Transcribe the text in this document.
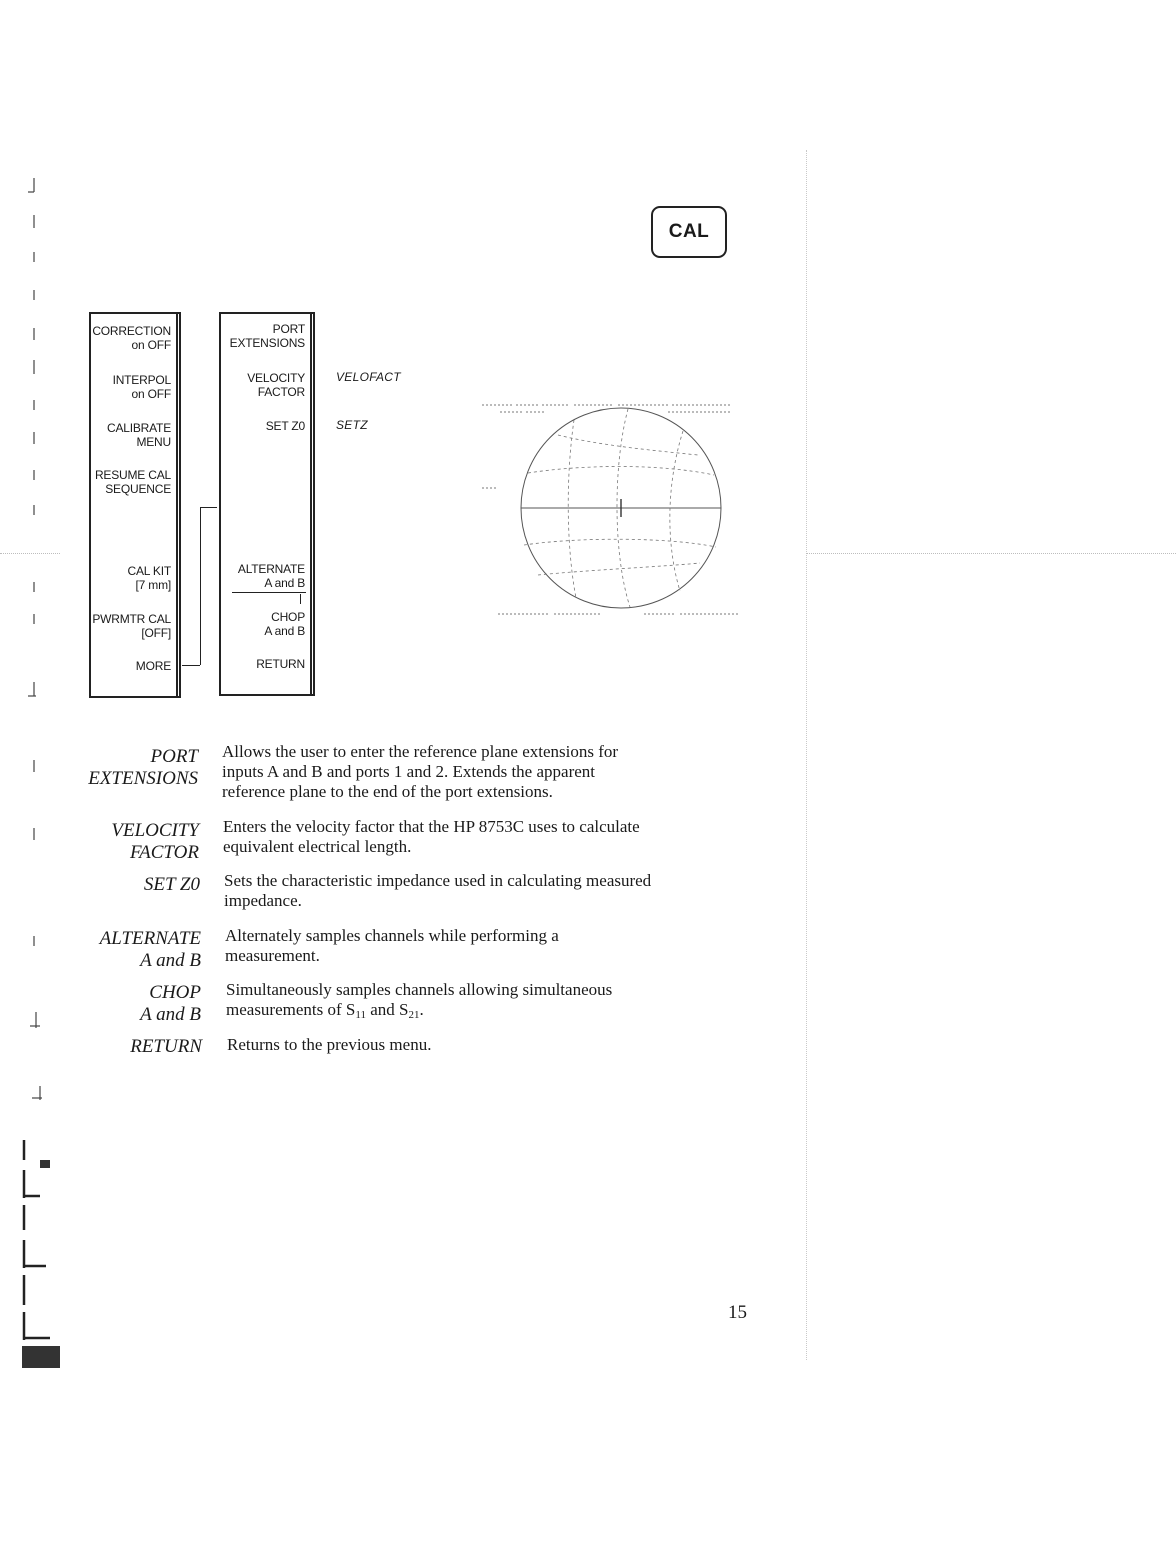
CAL
CORRECTION
on OFF
INTERPOL
on OFF
CALIBRATE
MENU
RESUME CAL
SEQUENCE
CAL KIT
[7 mm]
PWRMTR CAL
[OFF]
MORE
PORT
EXTENSIONS
VELOCITY
FACTOR
SET Z0
ALTERNATE
A and B
CHOP
A and B
RETURN
VELOFACT
SETZ
PORT
EXTENSIONS
Allows the user to enter the reference plane extensions for
inputs A and B and ports 1 and 2. Extends the apparent
reference plane to the end of the port extensions.
VELOCITY
FACTOR
Enters the velocity factor that the HP 8753C uses to calculate
equivalent electrical length.
SET Z0 Sets the characteristic impedance used in calculating measured
impedance.
ALTERNATE
A and B
Alternately samples channels while performing a
measurement.
CHOP
A and B
Simultaneously samples channels allowing simultaneous
measurements of $S_{11}$ and $S_{21}$.
RETURN Returns to the previous menu.
15
